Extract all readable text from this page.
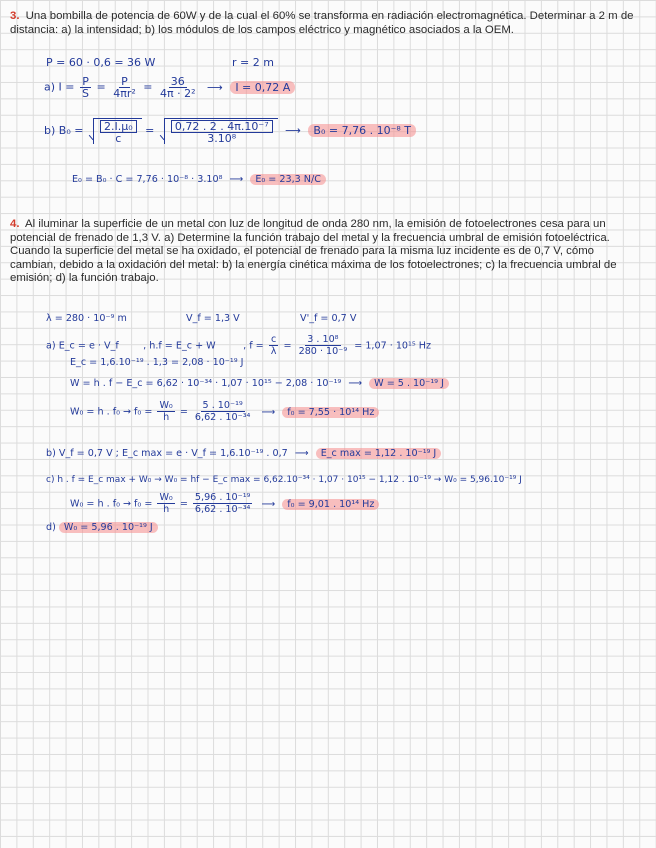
3. Una bombilla de potencia de 60W y de la cual el 60% se transforma en radiación electromagnética. Determinar a 2 m de distancia: a) la intensidad; b) los módulos de los campos eléctrico y magnético asociados a la OEM.
P = 60 · 0,6 = 36 W	r = 2 m
a) $I = \frac{P}{S} = \frac{P}{\text{4πr²}} = \frac{36}{\text{4π · 2²}}$ ⟶ I = 0,72 A
b) $B_0 = \frac{\text{2.I.μ₀}}{c} = \frac{\text{0,72 . 2 . 4π.10⁻⁷}}{\text{3.10⁸}}$ ⟶ B₀ = 7,76 . 10⁻⁸ T
E₀ = B₀ · C = 7,76 · 10⁻⁸ · 3.10⁸ ⟶ E₀ = 23,3 N/C
4. Al iluminar la superficie de un metal con luz de longitud de onda 280 nm, la emisión de fotoelectrones cesa para un potencial de frenado de 1,3 V. a) Determine la función trabajo del metal y la frecuencia umbral de emisión fotoeléctrica. Cuando la superficie del metal se ha oxidado, el potencial de frenado para la misma luz incidente es de 0,7 V, cómo cambian, debido a la oxidación del metal: b) la energía cinética máxima de los fotoelectrones; c) la frecuencia umbral de emisión; d) la función trabajo.
λ = 280 · 10⁻⁹ m	V_f = 1,3 V	V'_f = 0,7 V
a) E_c = e · V_f	, h.f = E_c + W	, $f = \frac{c}{\lambda} = \frac{\text{3 . 10⁸}}{\text{280 · 10⁻⁹}} = 1,07 \cdot 10^{15}$ Hz
E_c = 1,6.10⁻¹⁹ . 1,3 = 2,08 · 10⁻¹⁹ J
W = h . f − E_c = 6,62 · 10⁻³⁴ · 1,07 · 10¹⁵ − 2,08 · 10⁻¹⁹ ⟶ W = 5 . 10⁻¹⁹ J
W₀ = h . $f_0 \to f_0 = \frac{\text{W₀}}{h} = \frac{\text{5 . 10⁻¹⁹}}{\text{6,62 . 10⁻³⁴}}$ ⟶ f₀ = 7,55 · 10¹⁴ Hz
b) V_f = 0,7 V ; E_c max = e · V_f = 1,6.10⁻¹⁹ . 0,7 ⟶ E_c max = 1,12 . 10⁻¹⁹ J
c) h . f = E_c max + W₀ → W₀ = hf − E_c max = 6,62.10⁻³⁴ · 1,07 · 10¹⁵ − 1,12 . 10⁻¹⁹ → W₀ = 5,96.10⁻¹⁹ J
W₀ = h . $f_0 \to f_0 = \frac{\text{W₀}}{h} = \frac{\text{5,96 . 10⁻¹⁹}}{\text{6,62 . 10⁻³⁴}}$ ⟶ f₀ = 9,01 . 10¹⁴ Hz
d) W₀ = 5,96 . 10⁻¹⁹ J
